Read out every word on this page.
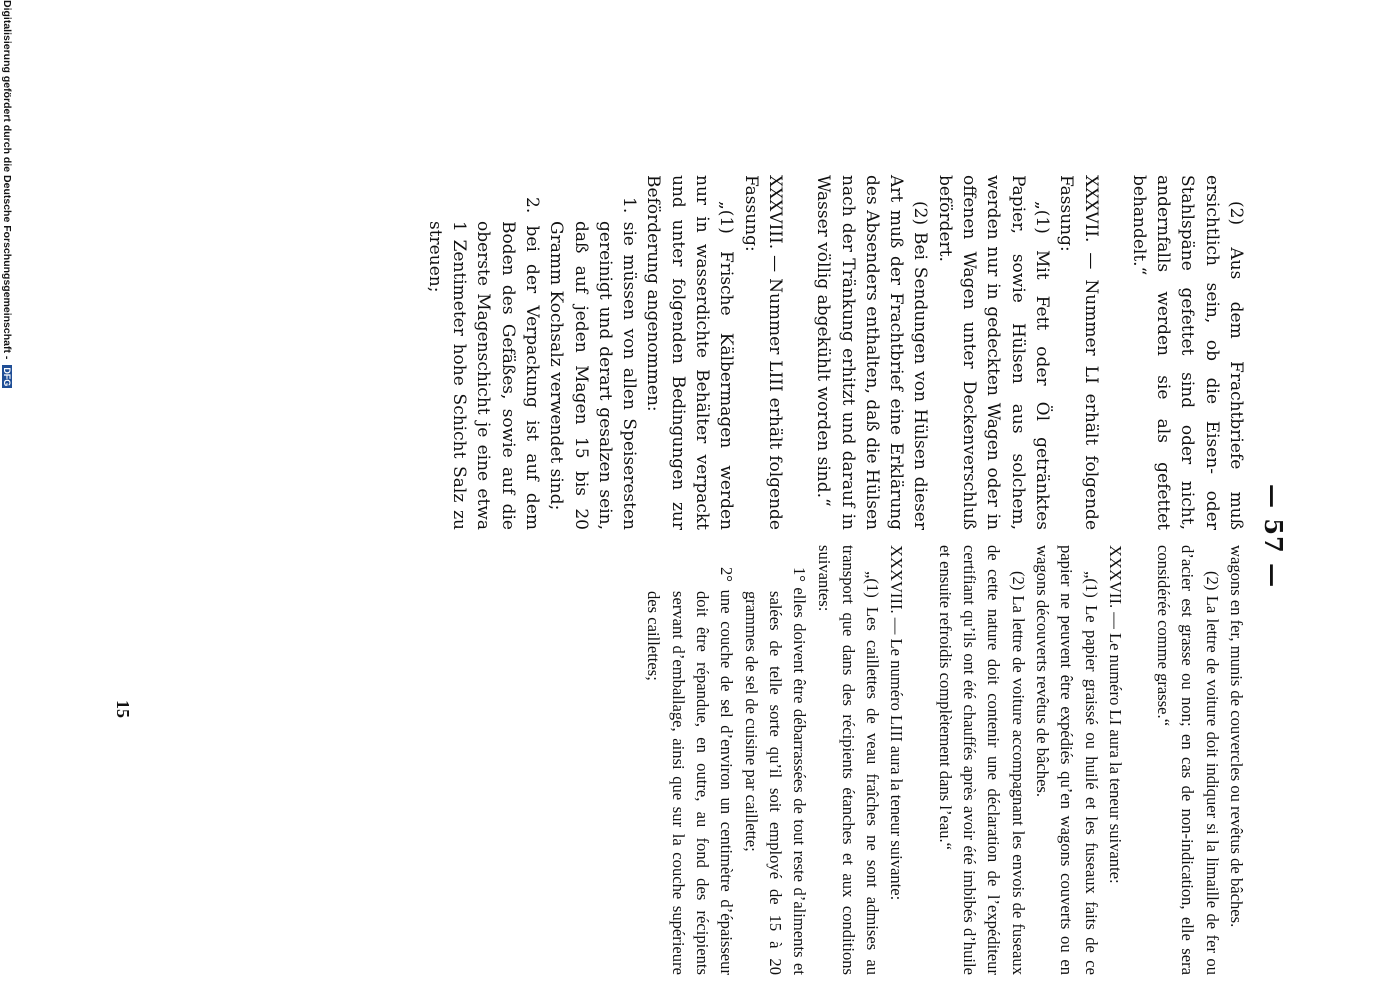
— 57 —

(2) Aus dem Frachtbriefe muß ersichtlich sein, ob die Eisen- oder Stahlspäne gefettet sind oder nicht, andernfalls werden sie als gefettet behandelt.“

XXXVII. — Nummer LI erhält folgende Fassung:

„(1) Mit Fett oder Öl getränktes Papier, sowie Hülsen aus solchem, werden nur in gedeckten Wagen oder in offenen Wagen unter Deckenverschluß befördert.

(2) Bei Sendungen von Hülsen dieser Art muß der Frachtbrief eine Erklärung des Absenders enthalten, daß die Hülsen nach der Tränkung erhitzt und darauf in Wasser völlig abgekühlt worden sind.“

XXXVIII. — Nummer LIII erhält folgende Fassung:

„(1) Frische Kälbermagen werden nur in wasserdichte Behälter verpackt und unter folgenden Bedingungen zur Beförderung angenommen:

1. sie müssen von allen Speiseresten gereinigt und derart gesalzen sein, daß auf jeden Magen 15 bis 20 Gramm Kochsalz verwendet sind;

2. bei der Verpackung ist auf dem Boden des Gefäßes, sowie auf die oberste Magenschicht je eine etwa 1 Zentimeter hohe Schicht Salz zu streuen;

wagons en fer, munis de couvercles ou revêtus de bâches.

(2) La lettre de voiture doit indiquer si la limaille de fer ou d’acier est grasse ou non; en cas de non-indication, elle sera considérée comme grasse.“

XXXVII. — Le numéro LI aura la teneur suivante:

„(1) Le papier graissé ou huilé et les fuseaux faits de ce papier ne peuvent être expédiés qu’en wagons couverts ou en wagons découverts revêtus de bâches.

(2) La lettre de voiture accompagnant les envois de fuseaux de cette nature doit contenir une déclaration de l’expéditeur certifiant qu’ils ont été chauffés après avoir été imbibés d’huile et ensuite refroidis complètement dans l’eau.“

XXXVIII. — Le numéro LIII aura la teneur suivante:

„(1) Les caillettes de veau fraîches ne sont admises au transport que dans des récipients étanches et aux conditions suivantes:

1° elles doivent être débarrassées de tout reste d’aliments et salées de telle sorte qu’il soit employé de 15 à 20 grammes de sel de cuisine par caillette;

2° une couche de sel d’environ un centimètre d’épaisseur doit être répandue, en outre, au fond des récipients servant d’emballage, ainsi que sur la couche supérieure des caillettes;

15
Digitalisierung gefördert durch die Deutsche Forschungsgemeinschaft - DFG
